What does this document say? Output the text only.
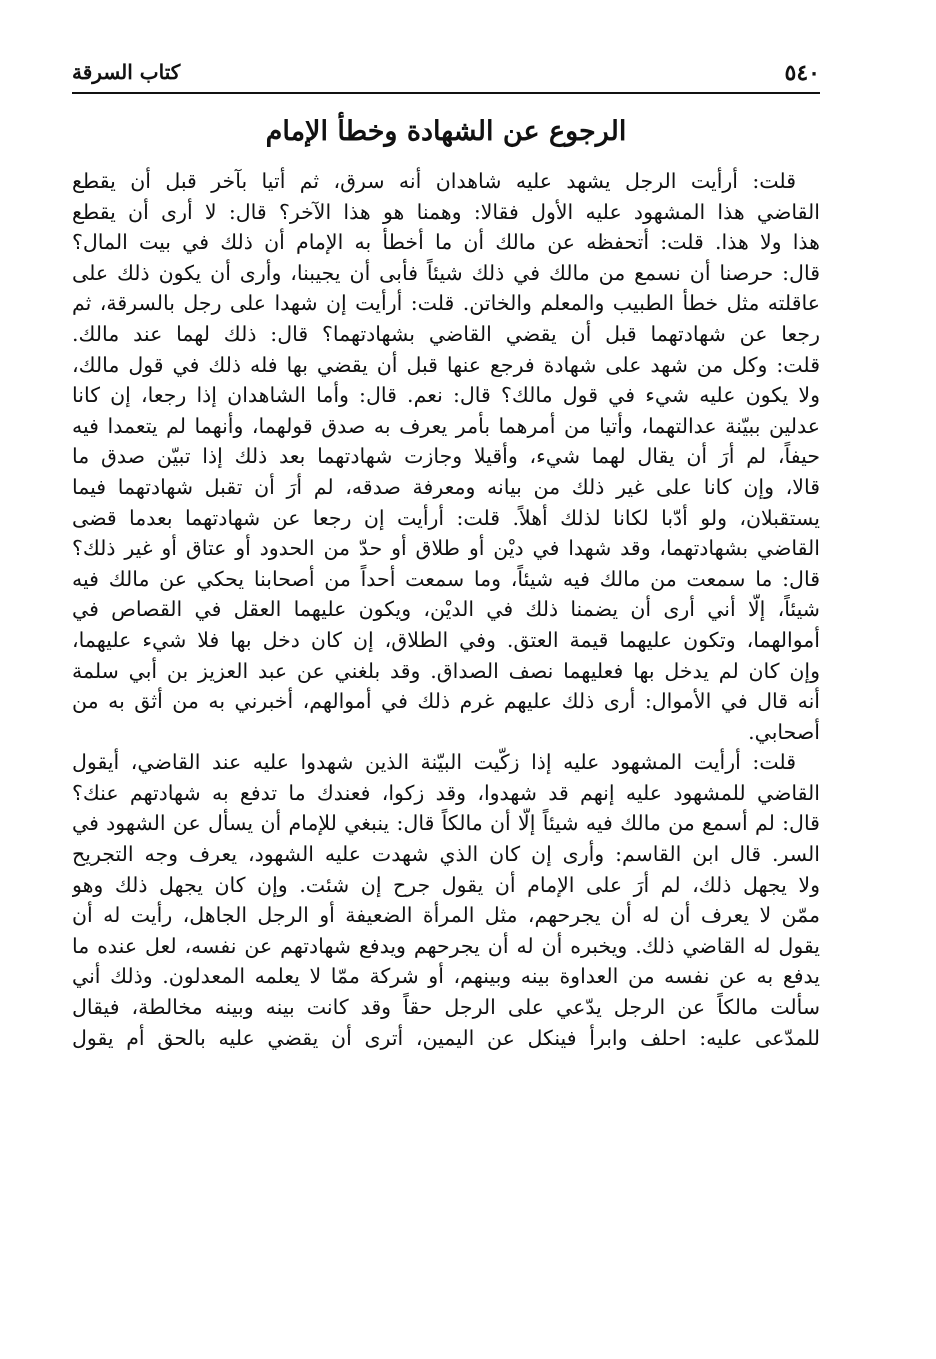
٥٤٠
كتاب السرقة
الرجوع عن الشهادة وخطأ الإمام
قلت: أرأيت الرجل يشهد عليه شاهدان أنه سرق، ثم أتيا بآخر قبل أن يقطع
القاضي هذا المشهود عليه الأول فقالا: وهمنا هو هذا الآخر؟ قال: لا أرى أن يقطع
هذا ولا هذا. قلت: أتحفظه عن مالك أن ما أخطأ به الإمام أن ذلك في بيت المال؟
قال: حرصنا أن نسمع من مالك في ذلك شيئاً فأبى أن يجيبنا، وأرى أن يكون ذلك على
عاقلته مثل خطأ الطبيب والمعلم والخاتن. قلت: أرأيت إن شهدا على رجل بالسرقة، ثم
رجعا عن شهادتهما قبل أن يقضي القاضي بشهادتهما؟ قال: ذلك لهما عند مالك.
قلت: وكل من شهد على شهادة فرجع عنها قبل أن يقضي بها فله ذلك في قول مالك،
ولا يكون عليه شيء في قول مالك؟ قال: نعم. قال: وأما الشاهدان إذا رجعا، إن كانا
عدلين ببيّنة عدالتهما، وأتيا من أمرهما بأمر يعرف به صدق قولهما، وأنهما لم يتعمدا فيه
حيفاً، لم أرَ أن يقال لهما شيء، وأقيلا وجازت شهادتهما بعد ذلك إذا تبيّن صدق ما
قالا، وإن كانا على غير ذلك من بيانه ومعرفة صدقه، لم أرَ أن تقبل شهادتهما فيما
يستقبلان، ولو أدّبا لكانا لذلك أهلاً. قلت: أرأيت إن رجعا عن شهادتهما بعدما قضى
القاضي بشهادتهما، وقد شهدا في ديْن أو طلاق أو حدّ من الحدود أو عتاق أو غير ذلك؟
قال: ما سمعت من مالك فيه شيئاً، وما سمعت أحداً من أصحابنا يحكي عن مالك فيه
شيئاً، إلّا أني أرى أن يضمنا ذلك في الديْن، ويكون عليهما العقل في القصاص في
أموالهما، وتكون عليهما قيمة العتق. وفي الطلاق، إن كان دخل بها فلا شيء عليهما،
وإن كان لم يدخل بها فعليهما نصف الصداق. وقد بلغني عن عبد العزيز بن أبي سلمة
أنه قال في الأموال: أرى ذلك عليهم غرم ذلك في أموالهم، أخبرني به من أثق به من
أصحابي.
قلت: أرأيت المشهود عليه إذا زكّيت البيّنة الذين شهدوا عليه عند القاضي، أيقول
القاضي للمشهود عليه إنهم قد شهدوا، وقد زكوا، فعندك ما تدفع به شهادتهم عنك؟
قال: لم أسمع من مالك فيه شيئاً إلّا أن مالكاً قال: ينبغي للإمام أن يسأل عن الشهود في
السر. قال ابن القاسم: وأرى إن كان الذي شهدت عليه الشهود، يعرف وجه التجريح
ولا يجهل ذلك، لم أرَ على الإمام أن يقول جرح إن شئت. وإن كان يجهل ذلك وهو
ممّن لا يعرف أن له أن يجرحهم، مثل المرأة الضعيفة أو الرجل الجاهل، رأيت له أن
يقول له القاضي ذلك. ويخبره أن له أن يجرحهم ويدفع شهادتهم عن نفسه، لعل عنده ما
يدفع به عن نفسه من العداوة بينه وبينهم، أو شركة ممّا لا يعلمه المعدلون. وذلك أني
سألت مالكاً عن الرجل يدّعي على الرجل حقاً وقد كانت بينه وبينه مخالطة، فيقال
للمدّعى عليه: احلف وابرأ فينكل عن اليمين، أترى أن يقضي عليه بالحق أم يقول
